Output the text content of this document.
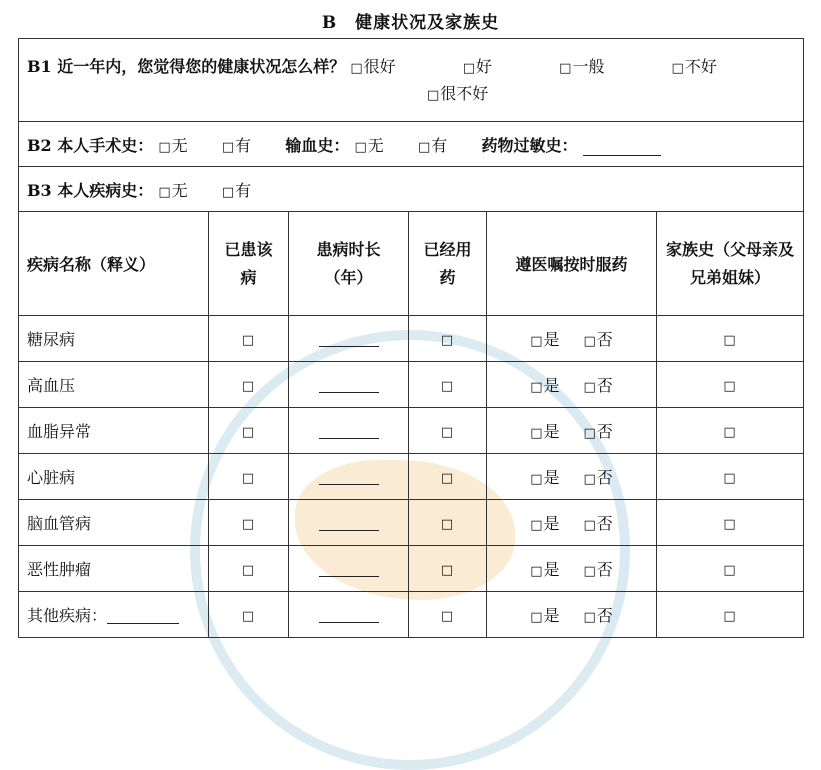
B　健康状况及家族史
B1 近一年内，您觉得您的健康状况怎么样？ □ 很好 □ 好 □ 一般 □ 不好
□ 很不好

B2 本人手术史： □ 无 □ 有 输血史： □ 无 □ 有 药物过敏史：
B3 本人疾病史： □ 无 □ 有
疾病名称（释义）	已患该病	患病时长（年）	已经用药	遵医嘱按时服药	家族史（父母亲及兄弟姐妹）
糖尿病	□		□	□是 □ 否	□
高血压	□		□	□是 □ 否	□
血脂异常	□		□	□是 □ 否	□
心脏病	□		□	□是 □ 否	□
脑血管病	□		□	□是 □ 否	□
恶性肿瘤	□		□	□是 □ 否	□
其他疾病：	□		□	□是 □ 否	□
